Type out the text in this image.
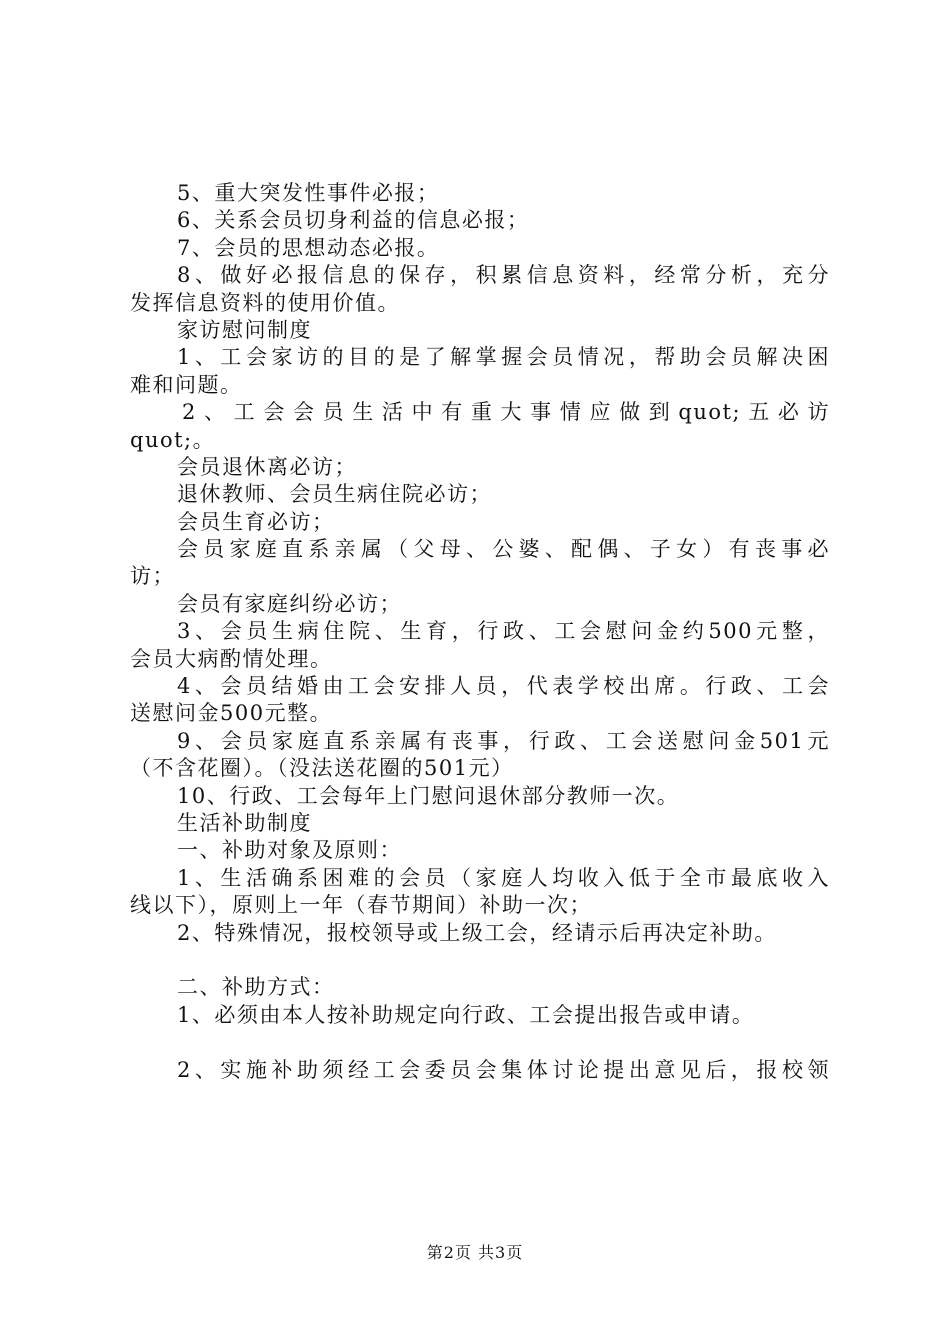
5、重大突发性事件必报；
6、关系会员切身利益的信息必报；
7、会员的思想动态必报。
8、做好必报信息的保存，积累信息资料，经常分析，充分
发挥信息资料的使用价值。
家访慰问制度
1、工会家访的目的是了解掌握会员情况，帮助会员解决困
难和问题。
2、工会会员生活中有重大事情应做到quot;五必访
quot;。
会员退休离必访；
退休教师、会员生病住院必访；
会员生育必访；
会员家庭直系亲属（父母、公婆、配偶、子女）有丧事必
访；
会员有家庭纠纷必访；
3、会员生病住院、生育，行政、工会慰问金约500元整，
会员大病酌情处理。
4、会员结婚由工会安排人员，代表学校出席。行政、工会
送慰问金500元整。
9、会员家庭直系亲属有丧事，行政、工会送慰问金501元
（不含花圈）。（没法送花圈的501元）
10、行政、工会每年上门慰问退休部分教师一次。
生活补助制度
一、补助对象及原则：
1、生活确系困难的会员（家庭人均收入低于全市最底收入
线以下），原则上一年（春节期间）补助一次；
2、特殊情况，报校领导或上级工会，经请示后再决定补助。
二、补助方式：
1、必须由本人按补助规定向行政、工会提出报告或申请。
2、实施补助须经工会委员会集体讨论提出意见后，报校领
第2页 共3页
